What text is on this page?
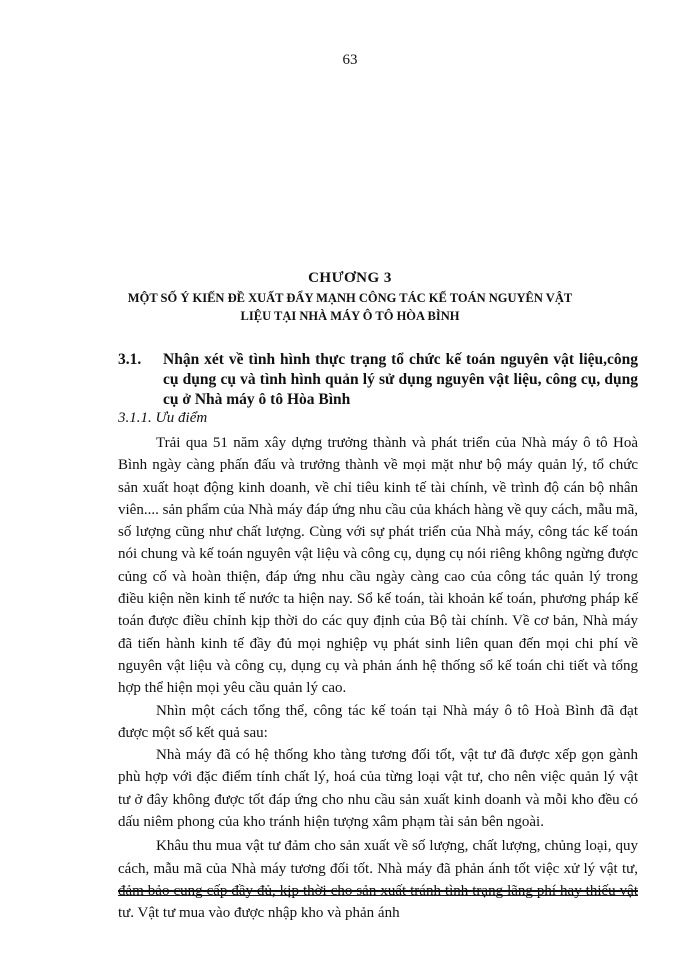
63
CHƯƠNG 3
MỘT SỐ Ý KIẾN ĐỀ XUẤT ĐẨY MẠNH CÔNG TÁC KẾ TOÁN NGUYÊN VẬT
LIỆU TẠI NHÀ MÁY Ô TÔ HÒA BÌNH
3.1. Nhận xét về tình hình thực trạng tổ chức kế toán nguyên vật liệu,công cụ dụng cụ và tình hình quản lý sử dụng nguyên vật liệu, công cụ, dụng cụ ở Nhà máy ô tô Hòa Bình
3.1.1. Ưu điểm

Trải qua 51 năm xây dựng trưởng thành và phát triển của Nhà máy ô tô Hoà Bình ngày càng phấn đấu và trưởng thành về mọi mặt như bộ máy quản lý, tổ chức sản xuất hoạt động kinh doanh, về chỉ tiêu kinh tế tài chính, về trình độ cán bộ nhân viên.... sản phẩm của Nhà máy đáp ứng nhu cầu của khách hàng về quy cách, mẫu mã, số lượng cũng như chất lượng. Cùng với sự phát triển của Nhà máy, công tác kế toán nói chung và kế toán nguyên vật liệu và công cụ, dụng cụ nói riêng không ngừng được củng cố và hoàn thiện, đáp ứng nhu cầu ngày càng cao của công tác quản lý trong điều kiện nền kinh tế nước ta hiện nay. Sổ kế toán, tài khoản kế toán, phương pháp kế toán được điều chỉnh kịp thời do các quy định của Bộ tài chính. Về cơ bản, Nhà máy đã tiến hành kinh tế đầy đủ mọi nghiệp vụ phát sinh liên quan đến mọi chi phí về nguyên vật liệu và công cụ, dụng cụ và phản ánh hệ thống sổ kế toán chi tiết và tổng hợp thể hiện mọi yêu cầu quản lý cao.

Nhìn một cách tổng thể, công tác kế toán tại Nhà máy ô tô Hoà Bình đã đạt được một số kết quả sau:

Nhà máy đã có hệ thống kho tàng tương đối tốt, vật tư đã được xếp gọn gành phù hợp với đặc điểm tính chất lý, hoá của từng loại vật tư, cho nên việc quản lý vật tư ở đây không được tốt đáp ứng cho nhu cầu sản xuất kinh doanh và mỗi kho đều có dấu niêm phong của kho tránh hiện tượng xâm phạm tài sản bên ngoài.

Khâu thu mua vật tư đảm cho sản xuất về số lượng, chất lượng, chủng loại, quy cách, mẫu mã của Nhà máy tương đối tốt. Nhà máy đã phản ánh tốt việc xử lý vật tư, đảm bảo cung cấp đầy đủ, kịp thời cho sản xuất tránh tình trạng lãng phí hay thiếu vật tư. Vật tư mua vào được nhập kho và phản ánh
